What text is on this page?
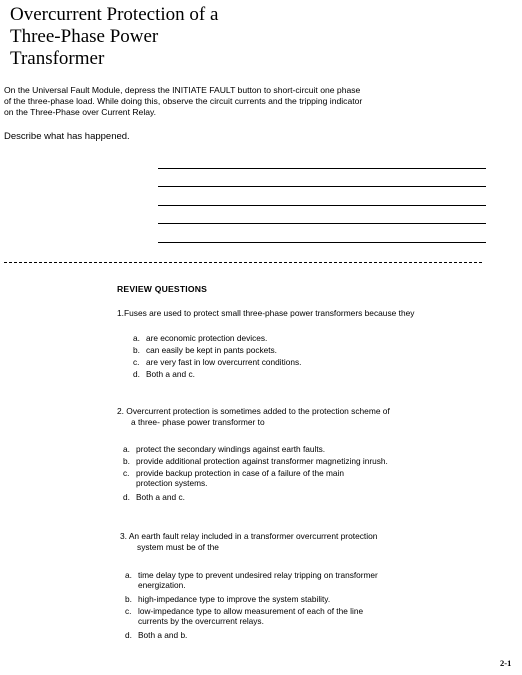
Overcurrent Protection of a
Three-Phase Power
Transformer
On the Universal Fault Module, depress the INITIATE FAULT button to short-circuit one phase
of the three-phase load. While doing this, observe the circuit currents and the tripping indicator
on the Three-Phase over Current Relay.
Describe what has happened.
REVIEW QUESTIONS
1.Fuses are used to protect small three-phase power transformers because they
a. are economic protection devices.
b. can easily be kept in pants pockets.
c. are very fast in low overcurrent conditions.
d. Both a and c.
2. Overcurrent protection is sometimes added to the protection scheme of
a three- phase power transformer to
a. protect the secondary windings against earth faults.
b. provide additional protection against transformer magnetizing inrush.
c. provide backup protection in case of a failure of the main
protection systems.
d. Both a and c.
3. An earth fault relay included in a transformer overcurrent protection
system must be of the
a. time delay type to prevent undesired relay tripping on transformer
energization.
b. high-impedance type to improve the system stability.
c. low-impedance type to allow measurement of each of the line
currents by the overcurrent relays.
d. Both a and b.
2-1
